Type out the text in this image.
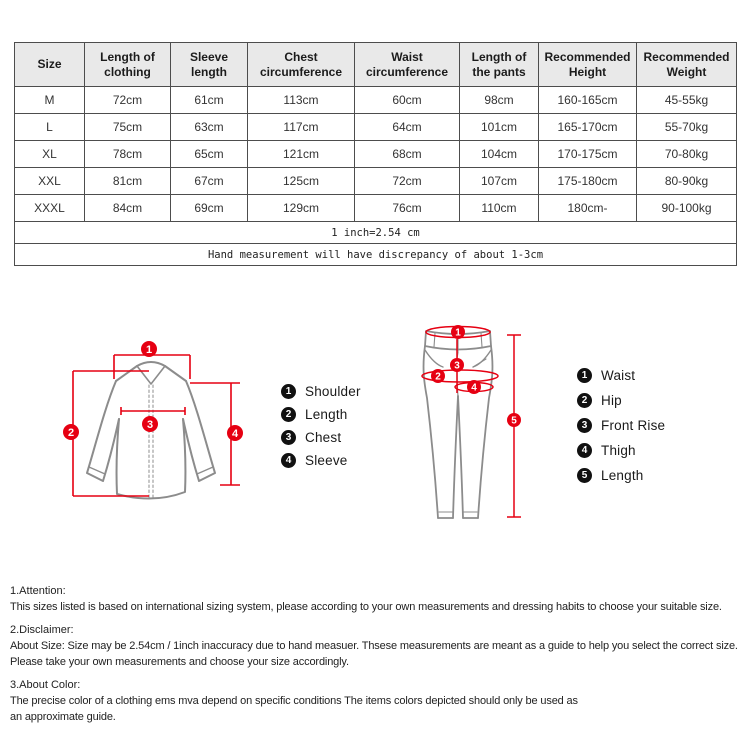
Size	Length of clothing	Sleeve length	Chest circumference	Waist circumference	Length of the pants	Recommended Height	Recommended Weight
M	72cm	61cm	113cm	60cm	98cm	160-165cm	45-55kg
L	75cm	63cm	117cm	64cm	101cm	165-170cm	55-70kg
XL	78cm	65cm	121cm	68cm	104cm	170-175cm	70-80kg
XXL	81cm	67cm	125cm	72cm	107cm	175-180cm	80-90kg
XXXL	84cm	69cm	129cm	76cm	110cm	180cm-	90-100kg
1 inch=2.54 cm							
Hand measurement will have discrepancy of about 1-3cm							
1
2
3
4
1	Shoulder
2	Length
3	Chest
4	Sleeve
1
2
3
4
5
1	Waist
2	Hip
3	Front Rise
4	Thigh
5	Length
1.Attention:
This sizes listed is based on international sizing system, please according to your own measurements and dressing habits to choose your suitable size.
2.Disclaimer:
About Size: Size may be 2.54cm / 1inch inaccuracy due to hand measuer. Thsese measurements are meant as a guide to help you select the correct size.
Please take your own measurements and choose your size accordingly.
3.About Color:
The precise color of a clothing ems mva depend on specific conditions The items colors depicted should only be used as
an approximate guide.
